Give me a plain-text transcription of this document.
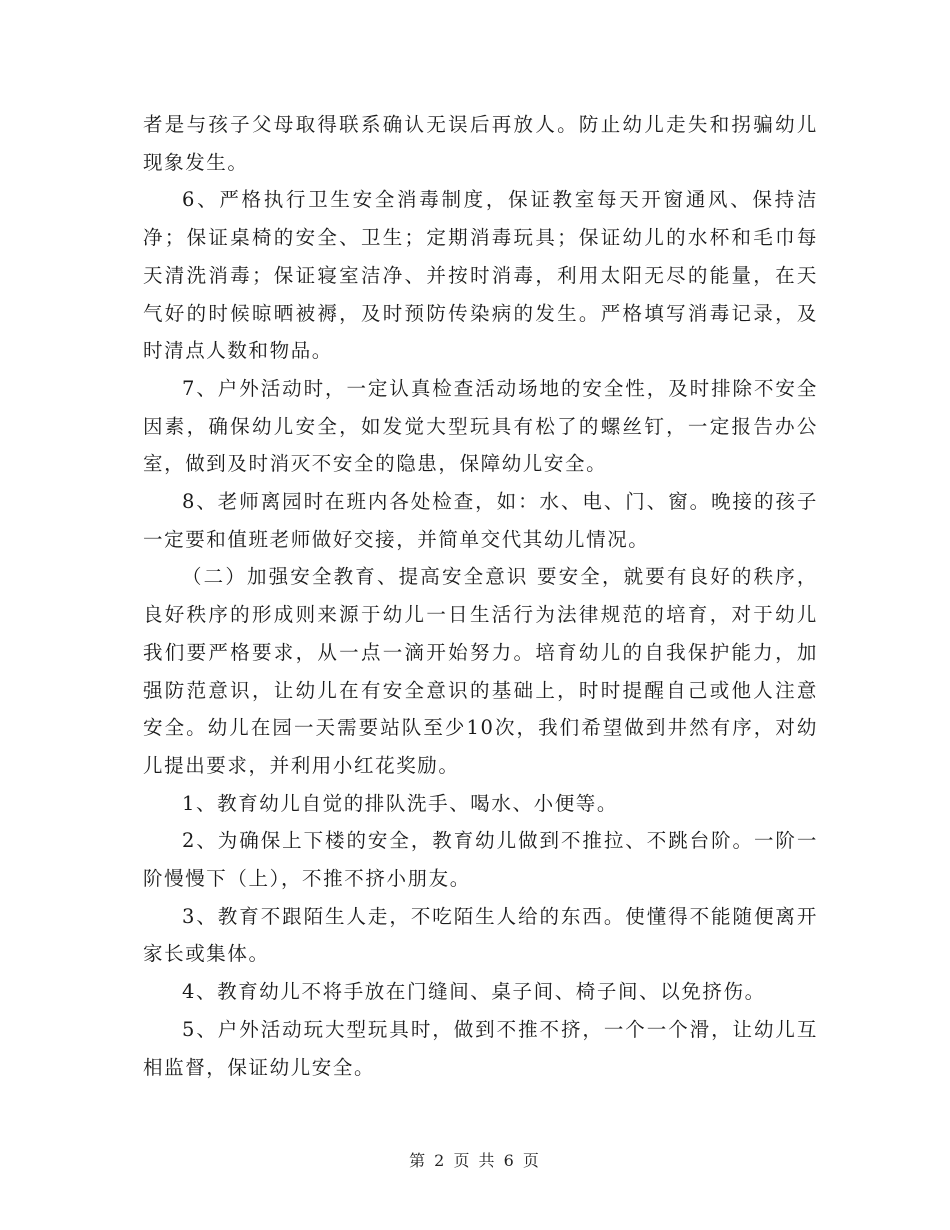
者是与孩子父母取得联系确认无误后再放人。防止幼儿走失和拐骗幼儿现象发生。

6、严格执行卫生安全消毒制度，保证教室每天开窗通风、保持洁净；保证桌椅的安全、卫生；定期消毒玩具；保证幼儿的水杯和毛巾每天清洗消毒；保证寝室洁净、并按时消毒，利用太阳无尽的能量，在天气好的时候晾晒被褥，及时预防传染病的发生。严格填写消毒记录，及时清点人数和物品。

7、户外活动时，一定认真检查活动场地的安全性，及时排除不安全因素，确保幼儿安全，如发觉大型玩具有松了的螺丝钉，一定报告办公室，做到及时消灭不安全的隐患，保障幼儿安全。

8、老师离园时在班内各处检查，如：水、电、门、窗。晚接的孩子一定要和值班老师做好交接，并简单交代其幼儿情况。

（二）加强安全教育、提高安全意识 要安全，就要有良好的秩序，良好秩序的形成则来源于幼儿一日生活行为法律规范的培育，对于幼儿我们要严格要求，从一点一滴开始努力。培育幼儿的自我保护能力，加强防范意识，让幼儿在有安全意识的基础上，时时提醒自己或他人注意安全。幼儿在园一天需要站队至少10次，我们希望做到井然有序，对幼儿提出要求，并利用小红花奖励。

1、教育幼儿自觉的排队洗手、喝水、小便等。

2、为确保上下楼的安全，教育幼儿做到不推拉、不跳台阶。一阶一阶慢慢下（上），不推不挤小朋友。

3、教育不跟陌生人走，不吃陌生人给的东西。使懂得不能随便离开家长或集体。

4、教育幼儿不将手放在门缝间、桌子间、椅子间、以免挤伤。

5、户外活动玩大型玩具时，做到不推不挤，一个一个滑，让幼儿互相监督，保证幼儿安全。

第 2 页 共 6 页
